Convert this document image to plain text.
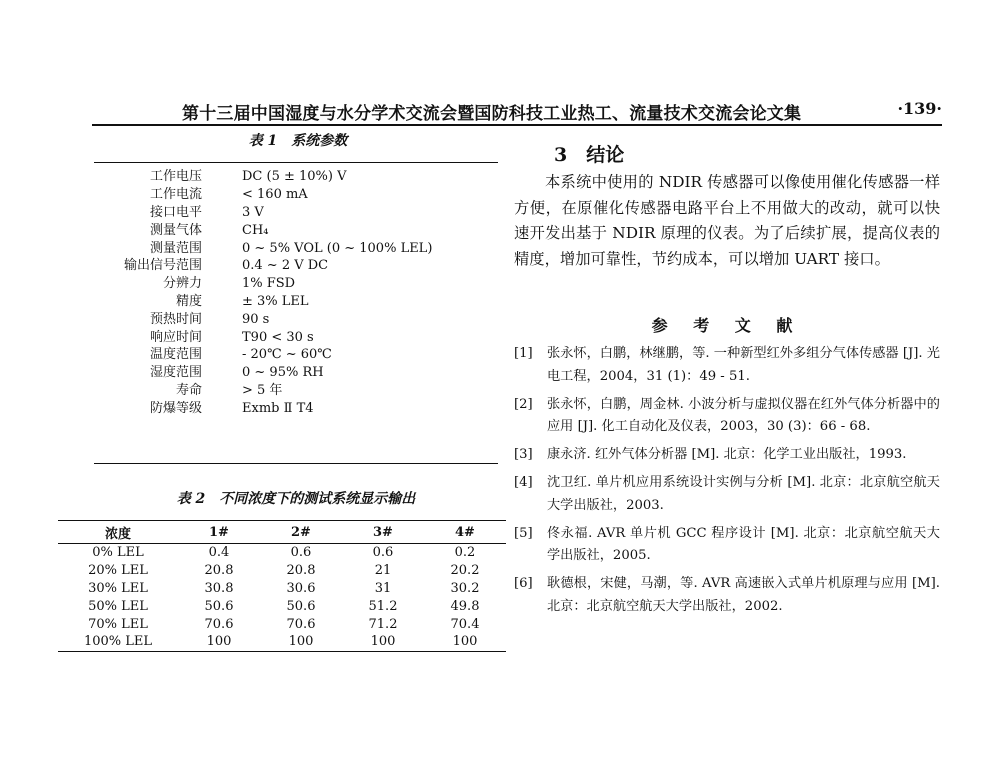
第十三届中国湿度与水分学术交流会暨国防科技工业热工、流量技术交流会论文集	·139·
表 1　系统参数
工作电压	DC (5 ± 10%) V
工作电流	< 160 mA
接口电平	3 V
测量气体	CH₄
测量范围	0 ~ 5% VOL (0 ~ 100% LEL)
输出信号范围	0.4 ~ 2 V DC
分辨力	1% FSD
精度	± 3% LEL
预热时间	90 s
响应时间	T90 < 30 s
温度范围	- 20℃ ~ 60℃
湿度范围	0 ~ 95% RH
寿命	> 5 年
防爆等级	Exmb Ⅱ T4
表 2　不同浓度下的测试系统显示输出
浓度	1#	2#	3#	4#
0% LEL	0.4	0.6	0.6	0.2
20% LEL	20.8	20.8	21	20.2
30% LEL	30.8	30.6	31	30.2
50% LEL	50.6	50.6	51.2	49.8
70% LEL	70.6	70.6	71.2	70.4
100% LEL	100	100	100	100
3　结论
本系统中使用的 NDIR 传感器可以像使用催化传感器一样方便，在原催化传感器电路平台上不用做大的改动，就可以快速开发出基于 NDIR 原理的仪表。为了后续扩展，提高仪表的精度，增加可靠性，节约成本，可以增加 UART 接口。
参 考 文 献
[1] 张永怀，白鹏，林继鹏，等. 一种新型红外多组分气体传感器 [J]. 光电工程，2004，31 (1)：49 - 51.
[2] 张永怀，白鹏，周金林. 小波分析与虚拟仪器在红外气体分析器中的应用 [J]. 化工自动化及仪表，2003，30 (3)：66 - 68.
[3] 康永济. 红外气体分析器 [M]. 北京：化学工业出版社，1993.
[4] 沈卫红. 单片机应用系统设计实例与分析 [M]. 北京：北京航空航天大学出版社，2003.
[5] 佟永福. AVR 单片机 GCC 程序设计 [M]. 北京：北京航空航天大学出版社，2005.
[6] 耿德根，宋健，马潮，等. AVR 高速嵌入式单片机原理与应用 [M]. 北京：北京航空航天大学出版社，2002.
